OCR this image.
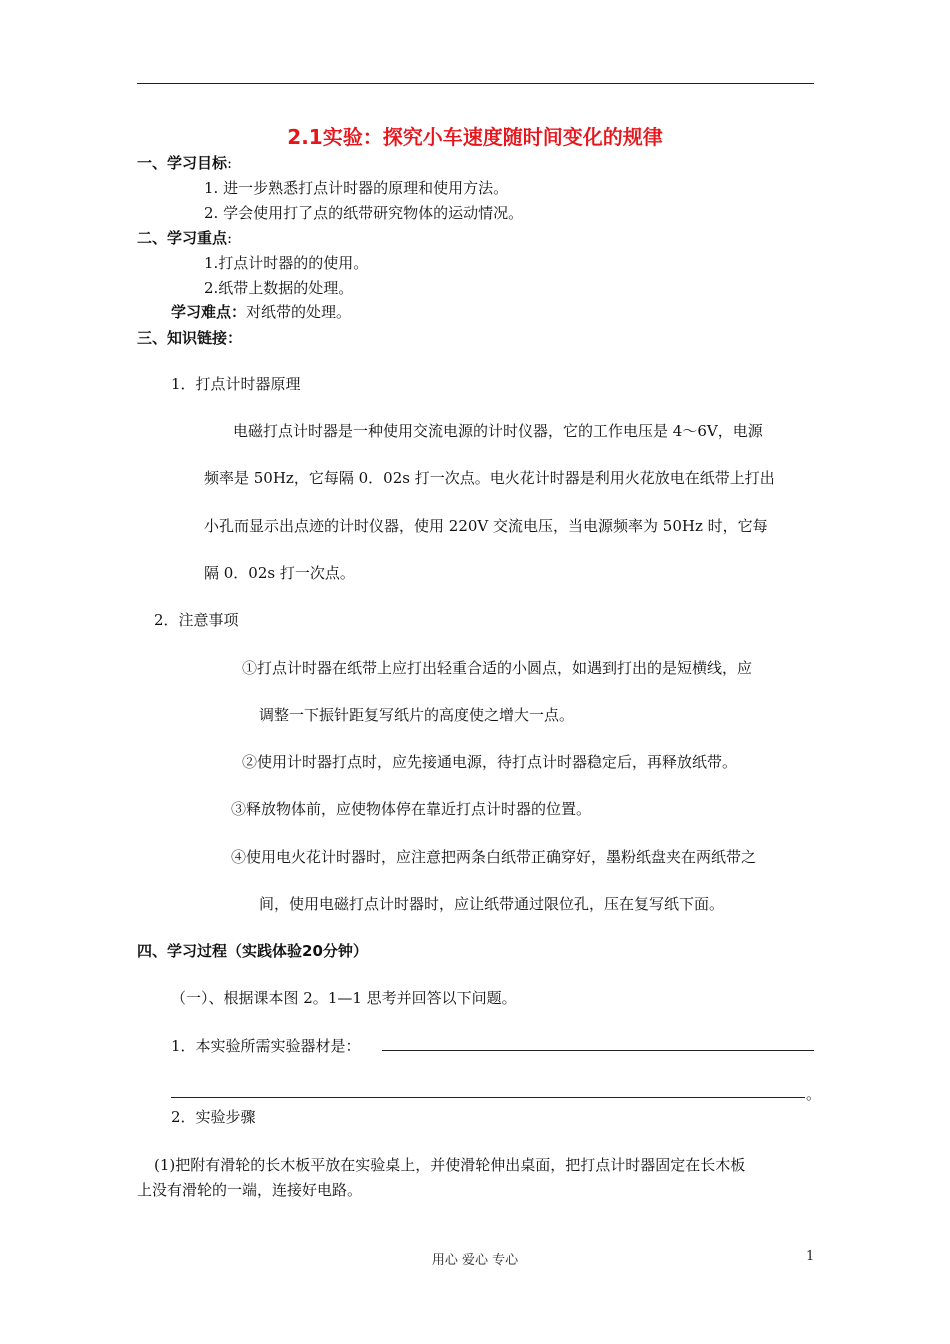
2.1实验：探究小车速度随时间变化的规律
一、学习目标:
1. 进一步熟悉打点计时器的原理和使用方法。
2. 学会使用打了点的纸带研究物体的运动情况。
二、学习重点:
1.打点计时器的的使用。
2.纸带上数据的处理。
学习难点：对纸带的处理。
三、知识链接：
1．打点计时器原理
电磁打点计时器是一种使用交流电源的计时仪器，它的工作电压是 4～6V，电源
频率是 50Hz，它每隔 0．02s 打一次点。电火花计时器是利用火花放电在纸带上打出
小孔而显示出点迹的计时仪器，使用 220V 交流电压，当电源频率为 50Hz 时，它每
隔 0．02s 打一次点。
2．注意事项
①打点计时器在纸带上应打出轻重合适的小圆点，如遇到打出的是短横线，应
调整一下振针距复写纸片的高度使之增大一点。
②使用计时器打点时，应先接通电源，待打点计时器稳定后，再释放纸带。
③释放物体前，应使物体停在靠近打点计时器的位置。
④使用电火花计时器时，应注意把两条白纸带正确穿好，墨粉纸盘夹在两纸带之
间，使用电磁打点计时器时，应让纸带通过限位孔，压在复写纸下面。
四、学习过程（实践体验20分钟）
（一）、根据课本图 2。1—1 思考并回答以下问题。
1．本实验所需实验器材是：
。
2．实验步骤
(1)把附有滑轮的长木板平放在实验桌上，并使滑轮伸出桌面，把打点计时器固定在长木板
上没有滑轮的一端，连接好电路。
用心 爱心 专心	1
